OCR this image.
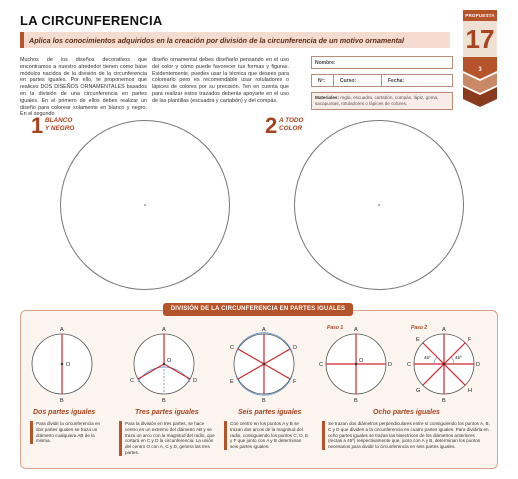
LA CIRCUNFERENCIA
Aplica los conocimientos adquiridos en la creación por división de la circunferencia de un motivo ornamental
PROPUESTA
17
3
Muchos de los diseños decorativos que encontramos a nuestro alrededor tienen como base módulos nacidos de la división de la circunferencia en partes iguales. Por ello, te proponemos que realices DOS DISEÑOS ORNAMENTALES basados en la división de una circunferencia en partes iguales. En el primero de ellos debes realizar un diseño para colorear solamente en blanco y negro. En el segundo
diseño ornamental debes diseñarlo pensando en el uso del color y cómo puede favorecer tus formas y figuras. Evidentemente, puedes usar la técnica que desees para colorearlo pero es recomendable usar rotuladores o lápices de colores por su precisión. Ten en cuenta que para realizar estos trazados deberás apoyarte en el uso de las plantillas (escuadra y cartabón) y del compás.
Nombre:
Nº:	Curso:	Fecha:
Materiales: regla, escuadra, cartabón, compás, lápiz, goma, sacapuntas, rotuladores o lápices de colores.
1 BLANCO
Y NEGRO	2 A TODO
COLOR
DIVISIÓN DE LA CIRCUNFERENCIA EN PARTES IGUALES
A
B
O
A
B
C	D
O
A
B
C	D
E	F
Paso 1 A
B
C	D
O
Paso 2
45º	45º
A
B
C	D
E	F
G	H
Dos partes iguales	Tres partes iguales	Seis partes iguales	Ocho partes iguales
Para dividir la circunferencia en dos partes iguales se traza un diámetro cualquiera AB de la misma.
Para la división en tres partes, se hace centro en un extremo del diámetro AB y se traza un arco con la magnitud del radio, que cortará en C y D la circunferencia. La unión del centro O con A, C y D, genera las tres partes.
Con centro en los puntos A y B se trazan dos arcos de la magnitud del radio, consiguiendo los puntos C, D, E y F que junto con A y B determinan seis partes iguales.
Se trazan dos diámetros perpendiculares entre sí consiguiendo los puntos A, B, C y D que dividen a la circunferencia en cuatro partes iguales. Para dividirla en ocho partes iguales se trazan las bisectrices de los diámetros anteriores (rectas a 45º) respectivamente que, junto con A y B, determinan los puntos necesarios para dividir la circunferencia en seis partes iguales.
